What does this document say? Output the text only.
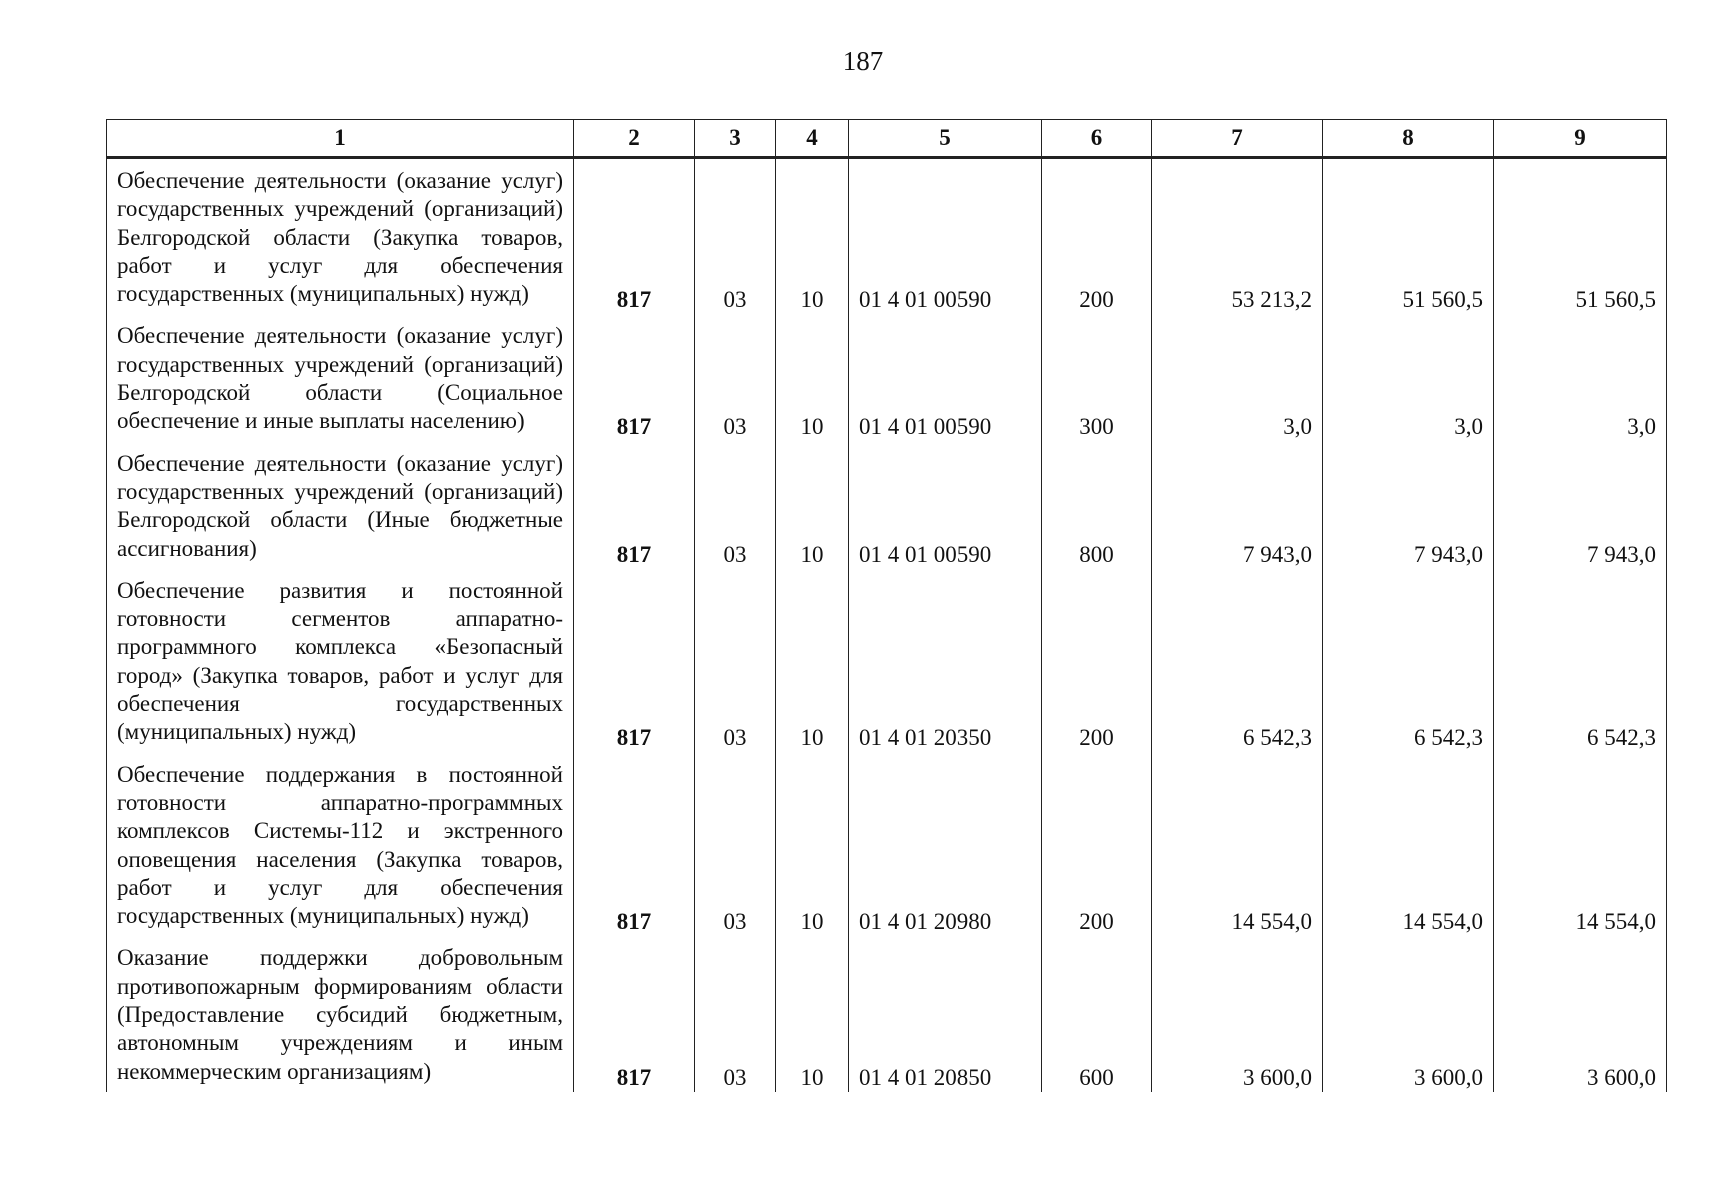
187
1	2	3	4	5	6	7	8	9
Обеспечение деятельности (оказание услуг) государственных учреждений (организаций) Белгородской области (Закупка товаров, работ и услуг для обеспечения государственных (муниципальных) нужд)	817	03	10	01 4 01 00590	200	53 213,2	51 560,5	51 560,5
Обеспечение деятельности (оказание услуг) государственных учреждений (организаций) Белгородской области (Социальное обеспечение и иные выплаты населению)	817	03	10	01 4 01 00590	300	3,0	3,0	3,0
Обеспечение деятельности (оказание услуг) государственных учреждений (организаций) Белгородской области (Иные бюджетные ассигнования)	817	03	10	01 4 01 00590	800	7 943,0	7 943,0	7 943,0
Обеспечение развития и постоянной готовности сегментов аппаратно-программного комплекса «Безопасный город» (Закупка товаров, работ и услуг для обеспечения государственных (муниципальных) нужд)	817	03	10	01 4 01 20350	200	6 542,3	6 542,3	6 542,3
Обеспечение поддержания в постоянной готовности аппаратно-программных комплексов Системы-112 и экстренного оповещения населения (Закупка товаров, работ и услуг для обеспечения государственных (муниципальных) нужд)	817	03	10	01 4 01 20980	200	14 554,0	14 554,0	14 554,0
Оказание поддержки добровольным противопожарным формированиям области (Предоставление субсидий бюджетным, автономным учреждениям и иным некоммерческим организациям)	817	03	10	01 4 01 20850	600	3 600,0	3 600,0	3 600,0
